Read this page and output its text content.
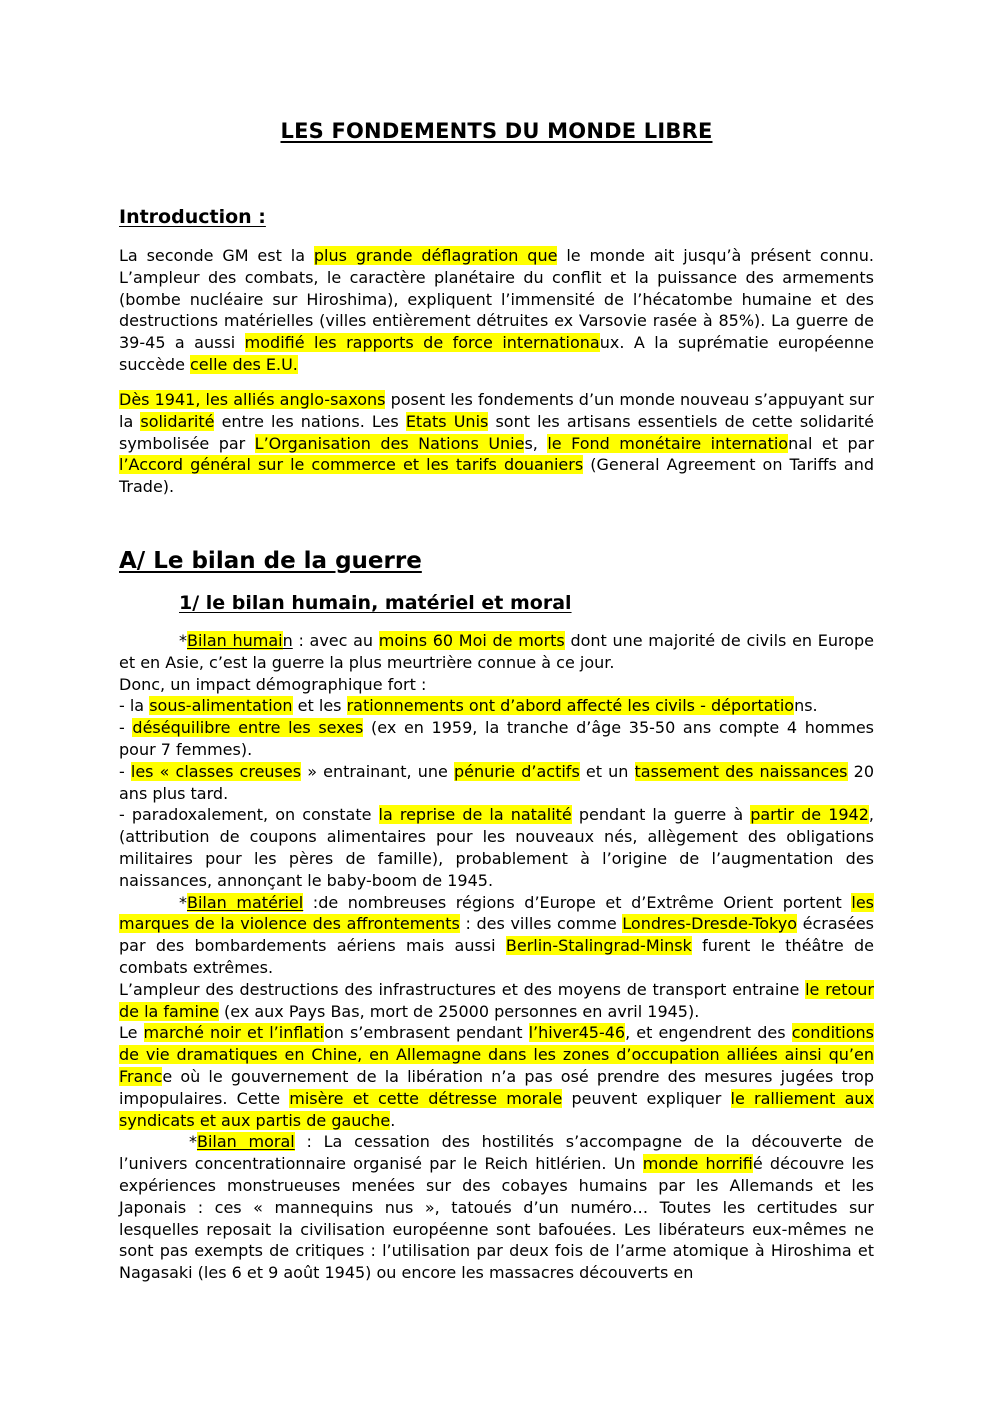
LES FONDEMENTS DU MONDE LIBRE
Introduction :

La seconde GM est la plus grande déflagration que le monde ait jusqu’à présent connu. L’ampleur des combats, le caractère planétaire du conflit et la puissance des armements (bombe nucléaire sur Hiroshima), expliquent l’immensité de l’hécatombe humaine et des destructions matérielles (villes entièrement détruites ex Varsovie rasée à 85%). La guerre de 39-45 a aussi modifié les rapports de force internationaux. A la suprématie européenne succède celle des E.U.

Dès 1941, les alliés anglo-saxons posent les fondements d’un monde nouveau s’appuyant sur la solidarité entre les nations. Les Etats Unis sont les artisans essentiels de cette solidarité symbolisée par L’Organisation des Nations Unies, le Fond monétaire international et par l’Accord général sur le commerce et les tarifs douaniers (General Agreement on Tariffs and Trade).

A/ Le bilan de la guerre
1/ le bilan humain, matériel et moral
*Bilan humain : avec au moins 60 Moi de morts dont une majorité de civils en Europe et en Asie, c’est la guerre la plus meurtrière connue à ce jour.
Donc, un impact démographique fort :
- la sous-alimentation et les rationnements ont d’abord affecté les civils - déportations.
- déséquilibre entre les sexes (ex en 1959, la tranche d’âge 35-50 ans compte 4 hommes pour 7 femmes).
- les « classes creuses » entrainant, une pénurie d’actifs et un tassement des naissances 20 ans plus tard.
- paradoxalement, on constate la reprise de la natalité pendant la guerre à partir de 1942, (attribution de coupons alimentaires pour les nouveaux nés, allègement des obligations militaires pour les pères de famille), probablement à l’origine de l’augmentation des naissances, annonçant le baby-boom de 1945.
*Bilan matériel :de nombreuses régions d’Europe et d’Extrême Orient portent les marques de la violence des affrontements : des villes comme Londres-Dresde-Tokyo écrasées par des bombardements aériens mais aussi Berlin-Stalingrad-Minsk furent le théâtre de combats extrêmes.
L’ampleur des destructions des infrastructures et des moyens de transport entraine le retour de la famine (ex aux Pays Bas, mort de 25000 personnes en avril 1945).
Le marché noir et l’inflation s’embrasent pendant l’hiver45-46, et engendrent des conditions de vie dramatiques en Chine, en Allemagne dans les zones d’occupation alliées ainsi qu’en France où le gouvernement de la libération n’a pas osé prendre des mesures jugées trop impopulaires. Cette misère et cette détresse morale peuvent expliquer le ralliement aux syndicats et aux partis de gauche.
*Bilan moral : La cessation des hostilités s’accompagne de la découverte de l’univers concentrationnaire organisé par le Reich hitlérien. Un monde horrifié découvre les expériences monstrueuses menées sur des cobayes humains par les Allemands et les Japonais : ces « mannequins nus », tatoués d’un numéro… Toutes les certitudes sur lesquelles reposait la civilisation européenne sont bafouées. Les libérateurs eux-mêmes ne sont pas exempts de critiques : l’utilisation par deux fois de l’arme atomique à Hiroshima et Nagasaki (les 6 et 9 août 1945) ou encore les massacres découverts en
